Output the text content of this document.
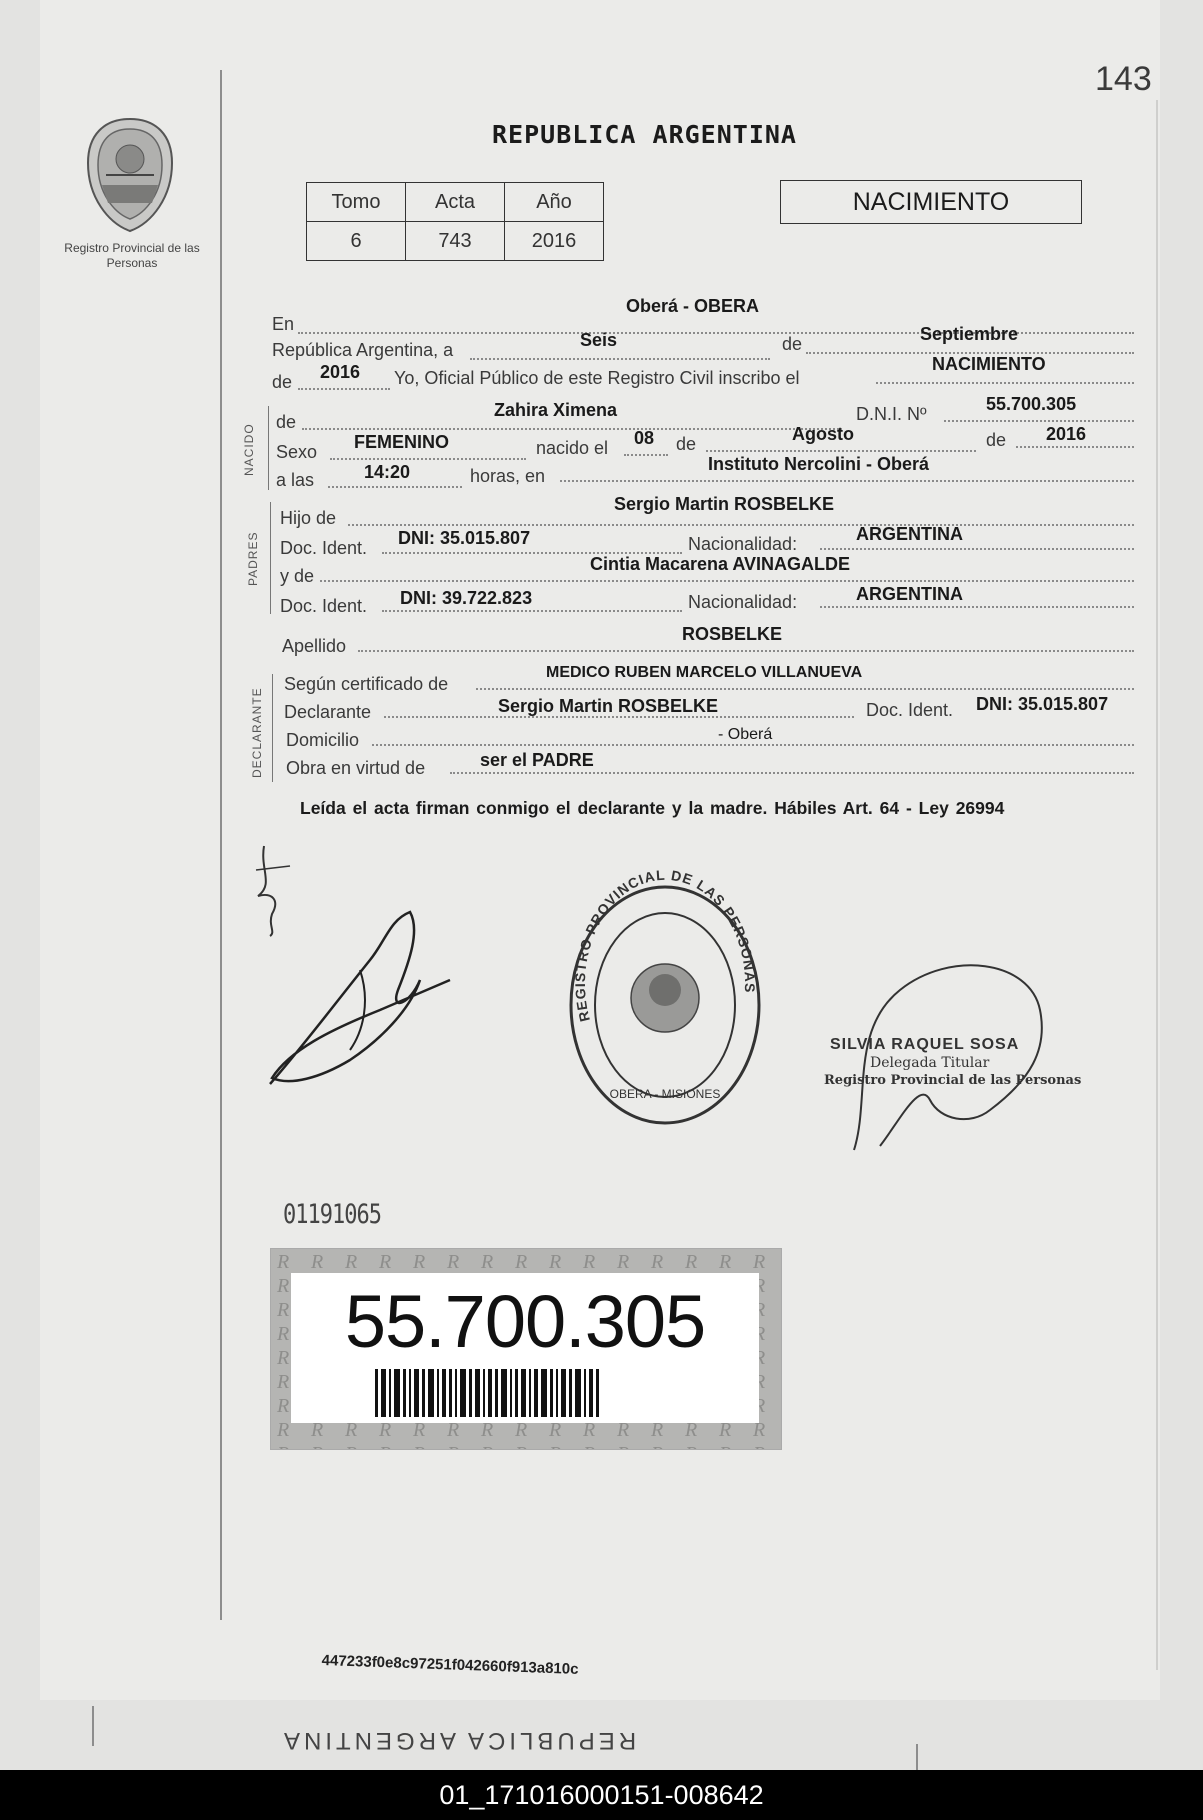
143
Registro Provincial de las Personas
REPUBLICA ARGENTINA
Tomo	Acta	Año
6	743	2016
NACIMIENTO
En
Oberá - OBERA
República Argentina, a	Seis	de	Septiembre
de 2016 Yo, Oficial Público de este Registro Civil inscribo el
NACIMIENTO
NACIDO
de
Zahira Ximena	D.N.I. Nº	55.700.305
Sexo FEMENINO	nacido el 08 de	Agosto	de 2016
a las	14:20	horas, en
Instituto Nercolini - Oberá
PADRES
Hijo de
Sergio Martin ROSBELKE
Doc. Ident. DNI: 35.015.807	Nacionalidad:	ARGENTINA
y de
Cintia Macarena AVINAGALDE
Doc. Ident. DNI: 39.722.823	Nacionalidad:	ARGENTINA
Apellido
ROSBELKE
DECLARANTE
Según certificado de
MEDICO RUBEN MARCELO VILLANUEVA
Declarante	Sergio Martin ROSBELKE	Doc. Ident. DNI: 35.015.807
Domicilio	- Oberá
Obra en virtud de	ser el PADRE
Leída el acta firman conmigo el declarante y la madre. Hábiles Art. 64 - Ley 26994
REGISTRO PROVINCIAL DE LAS PERSONAS
OBERA - MISIONES
SILVIA RAQUEL SOSA
Delegada Titular
Registro Provincial de las Personas
01191065
55.700.305
447233f0e8c97251f042660f913a810c
REPUBLICA ARGENTINA
01_171016000151-008642
